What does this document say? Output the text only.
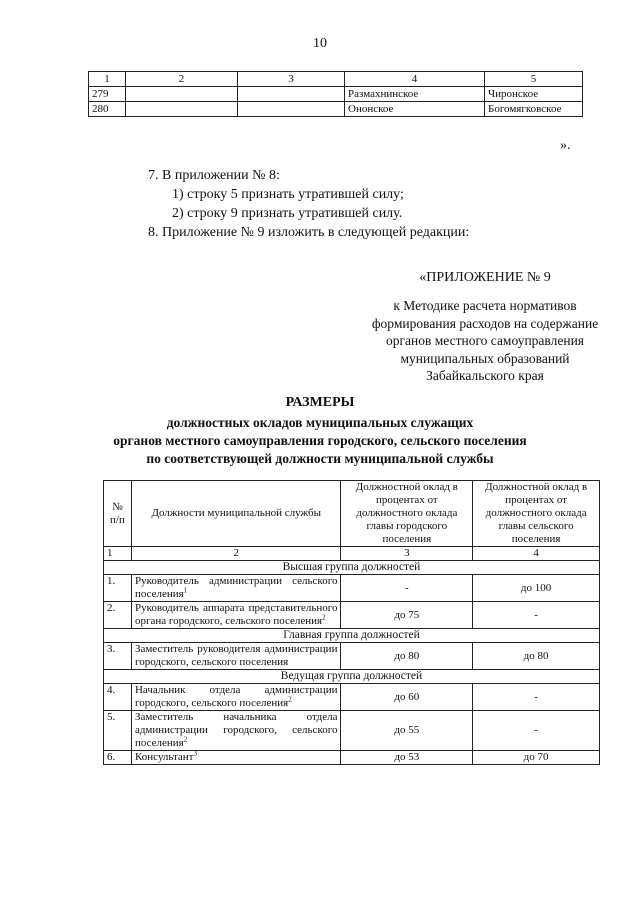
10
1	2	3	4	5
279			Размахнинское	Чиронское
280			Ононское	Богомягковское
».
7. В приложении № 8:
1) строку 5 признать утратившей силу;
2) строку 9 признать утратившей силу.
8. Приложение № 9 изложить в следующей редакции:
«ПРИЛОЖЕНИЕ № 9
к Методике расчета нормативов формирования расходов на содержание органов местного самоуправления муниципальных образований Забайкальского края
РАЗМЕРЫ
должностных окладов муниципальных служащих
органов местного самоуправления городского, сельского поселения
по соответствующей должности муниципальной службы
№ п/п	Должности муниципальной службы	Должностной оклад в процентах от должностного оклада главы городского поселения	Должностной оклад в процентах от должностного оклада главы сельского поселения
1	2	3	4
Высшая группа должностей			
1.	Руководитель администрации сельского поселения$^1$	-	до 100
2.	Руководитель аппарата представительного органа городского, сельского поселения$^2$	до 75	-
Главная группа должностей			
3.	Заместитель руководителя администрации городского, сельского поселения	до 80	до 80
Ведущая группа должностей			
4.	Начальник отдела администрации городского, сельского поселения$^2$	до 60	-
5.	Заместитель начальника отдела администрации городского, сельского поселения$^2$	до 55	-
6.	Консультант$^3$	до 53	до 70
